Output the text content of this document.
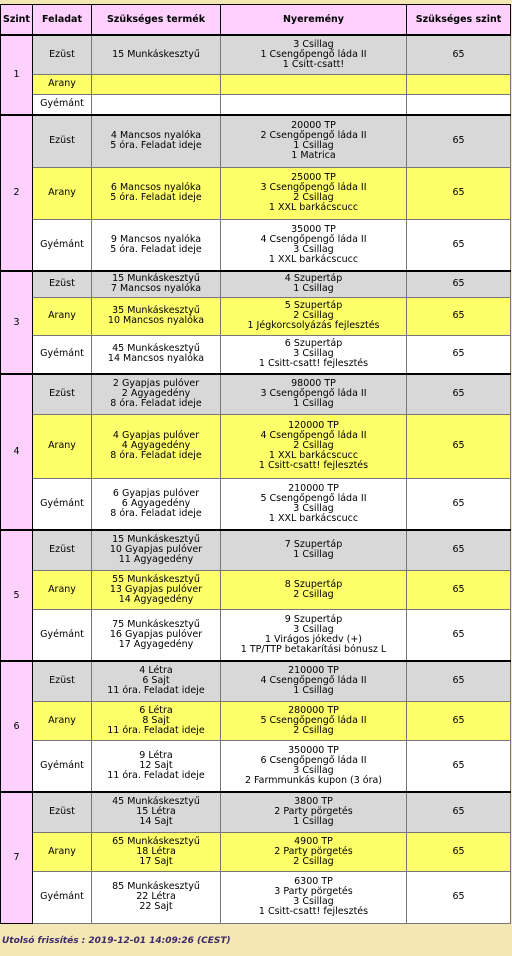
Szint	Feladat	Szükséges termék	Nyeremény	Szükséges szint
1	Ezüst	15 Munkáskesztyű	3 Csillag
1 Csengőpengő láda II
1 Csitt-csatt!	65
	Arany			
	Gyémánt			
2	Ezüst	4 Mancsos nyalóka
5 óra. Feladat ideje	20000 TP
2 Csengőpengő láda II
1 Csillag
1 Matrica	65
	Arany	6 Mancsos nyalóka
5 óra. Feladat ideje	25000 TP
3 Csengőpengő láda II
2 Csillag
1 XXL barkácscucc	65
	Gyémánt	9 Mancsos nyalóka
5 óra. Feladat ideje	35000 TP
4 Csengőpengő láda II
3 Csillag
1 XXL barkácscucc	65
3	Ezüst	15 Munkáskesztyű
7 Mancsos nyalóka	4 Szupertáp
1 Csillag	65
	Arany	35 Munkáskesztyű
10 Mancsos nyalóka	5 Szupertáp
2 Csillag
1 Jégkorcsolyázás fejlesztés	65
	Gyémánt	45 Munkáskesztyű
14 Mancsos nyalóka	6 Szupertáp
3 Csillag
1 Csitt-csatt! fejlesztés	65
4	Ezüst	2 Gyapjas pulóver
2 Agyagedény
8 óra. Feladat ideje	98000 TP
3 Csengőpengő láda II
1 Csillag	65
	Arany	4 Gyapjas pulóver
4 Agyagedény
8 óra. Feladat ideje	120000 TP
4 Csengőpengő láda II
2 Csillag
1 XXL barkácscucc
1 Csitt-csatt! fejlesztés	65
	Gyémánt	6 Gyapjas pulóver
6 Agyagedény
8 óra. Feladat ideje	210000 TP
5 Csengőpengő láda II
3 Csillag
1 XXL barkácscucc	65
5	Ezüst	15 Munkáskesztyű
10 Gyapjas pulóver
11 Agyagedény	7 Szupertáp
1 Csillag	65
	Arany	55 Munkáskesztyű
13 Gyapjas pulóver
14 Agyagedény	8 Szupertáp
2 Csillag	65
	Gyémánt	75 Munkáskesztyű
16 Gyapjas pulóver
17 Agyagedény	9 Szupertáp
3 Csillag
1 Virágos jókedv (+)
1 TP/TTP betakarítási bónusz L	65
6	Ezüst	4 Létra
6 Sajt
11 óra. Feladat ideje	210000 TP
4 Csengőpengő láda II
1 Csillag	65
	Arany	6 Létra
8 Sajt
11 óra. Feladat ideje	280000 TP
5 Csengőpengő láda II
2 Csillag	65
	Gyémánt	9 Létra
12 Sajt
11 óra. Feladat ideje	350000 TP
6 Csengőpengő láda II
3 Csillag
2 Farmmunkás kupon (3 óra)	65
7	Ezüst	45 Munkáskesztyű
15 Létra
14 Sajt	3800 TP
2 Party pörgetés
1 Csillag	65
	Arany	65 Munkáskesztyű
18 Létra
17 Sajt	4900 TP
2 Party pörgetés
2 Csillag	65
	Gyémánt	85 Munkáskesztyű
22 Létra
22 Sajt	6300 TP
3 Party pörgetés
3 Csillag
1 Csitt-csatt! fejlesztés	65
Utolsó frissítés : 2019-12-01 14:09:26 (CEST)
